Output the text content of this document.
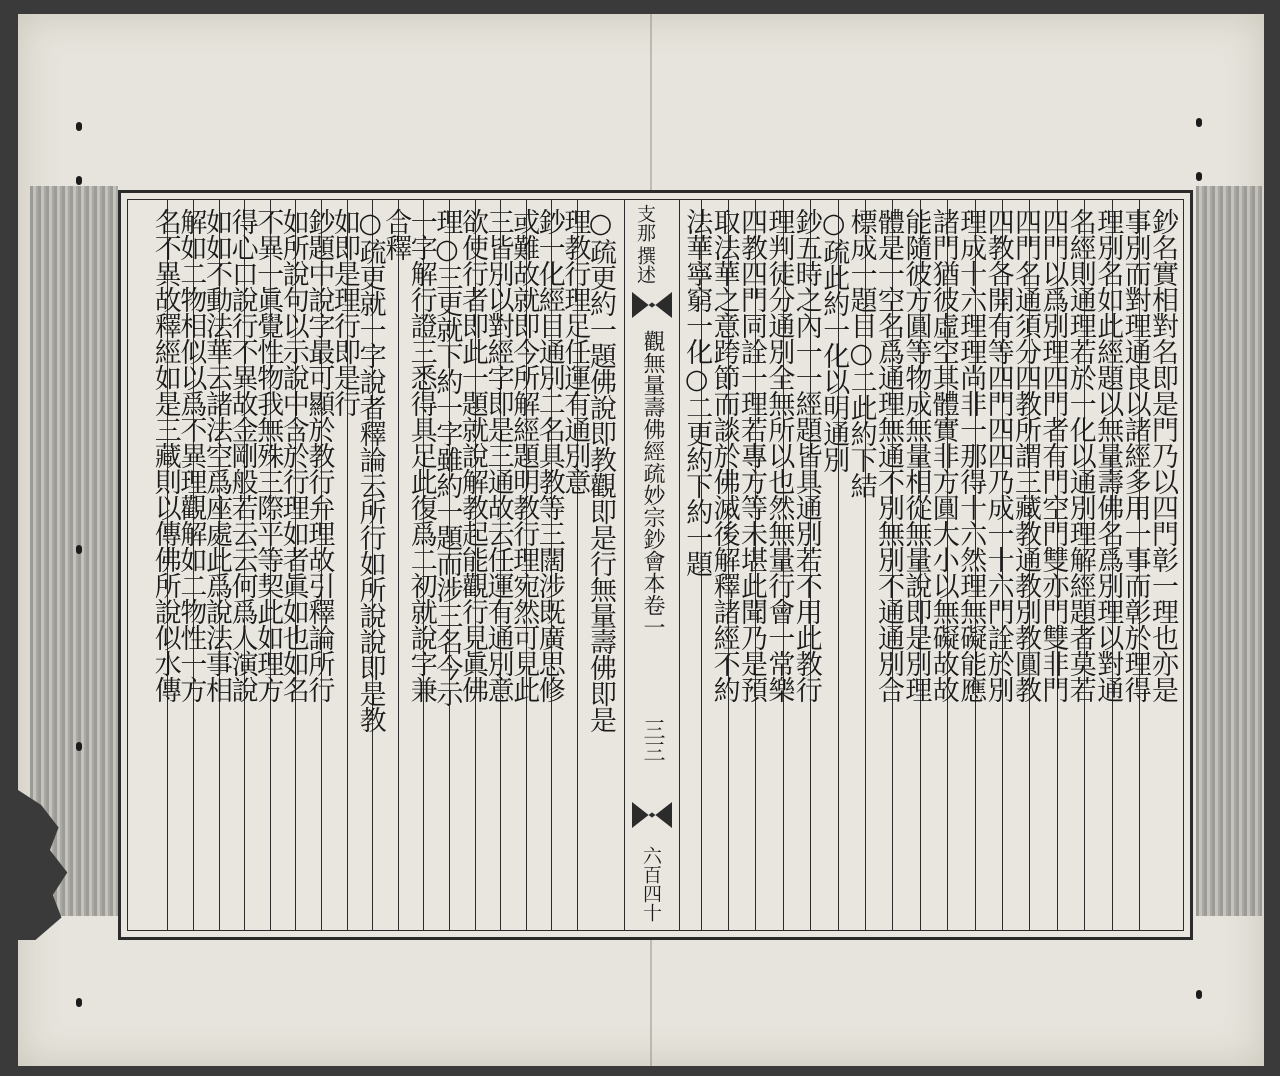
○疏更約一題佛說即教觀即是行無量壽佛即是
理教行理足任運有通別意
鈔一化經目通別二名具教等三闊涉既廣思修
或難故就即今所解經題明教行理宛然可見此
三皆別以對經字即是三通故云任運有通別意
欲使行者即此一題就說解教起能觀行見眞佛
理○三更就下約一字雖約一題而涉三名今示
一字解行證三悉得具足此復爲二初就說字兼
合釋
○疏更就一字說者釋論云所行如所說說即是教
如即是理行即是行
鈔題中說字最可顯於教行弁理故引釋論所行
如所說句以示說中含於行理如者眞如也如名
不異一眞覺性物我無殊三際平等契此如理方
得心口說行不異故金剛般若云云何爲人演說
如如不動法華云諸法空爲座處此爲說法事相
解如二物相似以爲不異理觀解如二物性一方
名不異故釋經如是三藏則以傳佛所說似水傳	支那
撰述
觀無量壽佛經疏妙宗鈔會本卷一
三三
六百四十
鈔名實相對名即是門乃以四門彰一理也亦是
事別而對理通良以諸經多用一事而彰於理得
理別名如此經題以無量壽佛名爲別理以對通
名經則通理若於一化以通別理解經題者莫若
四門以爲別理四門者有門空門雙亦門雙非門
四門名通須分四教所謂三藏教通教別教圓教
四教各開有等四門四四乃成一十六門詮於別
理成十六理理尚非一那得十六然理無礙能應
諸門猶彼虛空其體實非方圓大小以無礙故故
能隨彼方圓等物成無量相從無量說即是別理
體是一空名爲通理無通不別無別不通通別合
標成一題目○二此約下結
○疏此約一化以明通別
鈔五時之內一一經題皆具通別若不用此教行
理判徒分通別全無所以也然無量行會一常樂
四教四門同詮一理若專方等未堪此聞乃是預
取法華之意跨節而談於佛滅後解釋諸經不約
法華寧窮一化○二更約下約一題
